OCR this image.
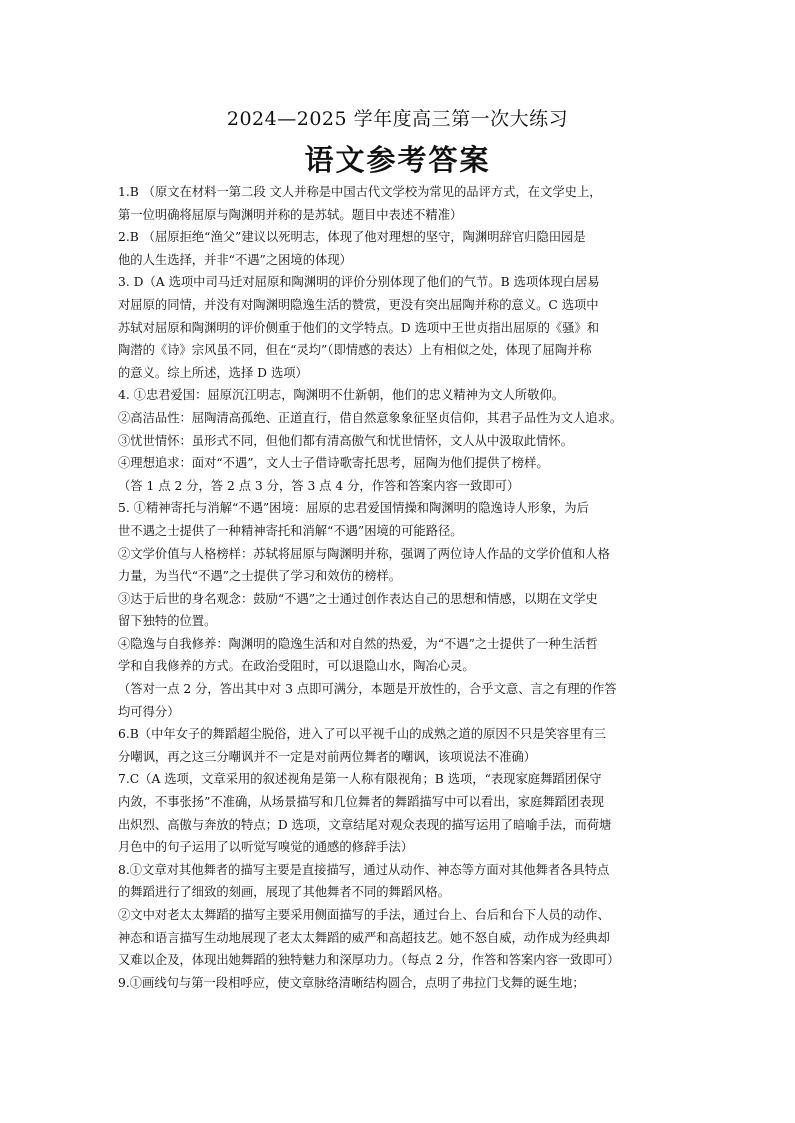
2024—2025 学年度高三第一次大练习
语文参考答案
1.B （原文在材料一第二段 文人并称是中国古代文学校为常见的品评方式，在文学史上，
第一位明确将屈原与陶渊明并称的是苏轼。题目中表述不精准）
2.B （屈原拒绝“渔父”建议以死明志，体现了他对理想的坚守，陶渊明辞官归隐田园是
他的人生选择，并非“不遇”之困境的体现）
3. D（A 选项中司马迁对屈原和陶渊明的评价分别体现了他们的气节。B 选项体现白居易
对屈原的同情，并没有对陶渊明隐逸生活的赞赏，更没有突出屈陶并称的意义。C 选项中
苏轼对屈原和陶渊明的评价侧重于他们的文学特点。D 选项中王世贞指出屈原的《骚》和
陶潜的《诗》宗风虽不同，但在“灵均”（即情感的表达）上有相似之处，体现了屈陶并称
的意义。综上所述，选择 D 选项）
4. ①忠君爱国：屈原沉江明志，陶渊明不仕新朝，他们的忠义精神为文人所敬仰。
②高洁品性：屈陶清高孤绝、正道直行，借自然意象象征坚贞信仰，其君子品性为文人追求。
③忧世情怀：虽形式不同，但他们都有清高傲气和忧世情怀，文人从中汲取此情怀。
④理想追求：面对“不遇”，文人士子借诗歌寄托思考，屈陶为他们提供了榜样。
（答 1 点 2 分，答 2 点 3 分，答 3 点 4 分，作答和答案内容一致即可）
5. ①精神寄托与消解“不遇”困境：屈原的忠君爱国情操和陶渊明的隐逸诗人形象，为后
世不遇之士提供了一种精神寄托和消解“不遇”困境的可能路径。
②文学价值与人格榜样：苏轼将屈原与陶渊明并称，强调了两位诗人作品的文学价值和人格
力量，为当代“不遇”之士提供了学习和效仿的榜样。
③达于后世的身名观念：鼓励“不遇”之士通过创作表达自己的思想和情感，以期在文学史
留下独特的位置。
④隐逸与自我修养：陶渊明的隐逸生活和对自然的热爱，为“不遇”之士提供了一种生活哲
学和自我修养的方式。在政治受阻时，可以退隐山水，陶冶心灵。
（答对一点 2 分，答出其中对 3 点即可满分，本题是开放性的，合乎文意、言之有理的作答
均可得分）
6.B（中年女子的舞蹈超尘脱俗，进入了可以平视千山的成熟之道的原因不只是笑容里有三
分嘲讽，再之这三分嘲讽并不一定是对前两位舞者的嘲讽，该项说法不准确）
7.C（A 选项，文章采用的叙述视角是第一人称有限视角；B 选项，“表现家庭舞蹈团保守
内敛，不事张扬”不准确，从场景描写和几位舞者的舞蹈描写中可以看出，家庭舞蹈团表现
出炽烈、高傲与奔放的特点；D 选项，文章结尾对观众表现的描写运用了暗喻手法，而荷塘
月色中的句子运用了以听觉写嗅觉的通感的修辞手法）
8.①文章对其他舞者的描写主要是直接描写，通过从动作、神态等方面对其他舞者各具特点
的舞蹈进行了细致的刻画，展现了其他舞者不同的舞蹈风格。
②文中对老太太舞蹈的描写主要采用侧面描写的手法，通过台上、台后和台下人员的动作、
神态和语言描写生动地展现了老太太舞蹈的威严和高超技艺。她不怒自威，动作成为经典却
又难以企及，体现出她舞蹈的独特魅力和深厚功力。（每点 2 分，作答和答案内容一致即可）
9.①画线句与第一段相呼应，使文章脉络清晰结构圆合，点明了弗拉门戈舞的诞生地；
